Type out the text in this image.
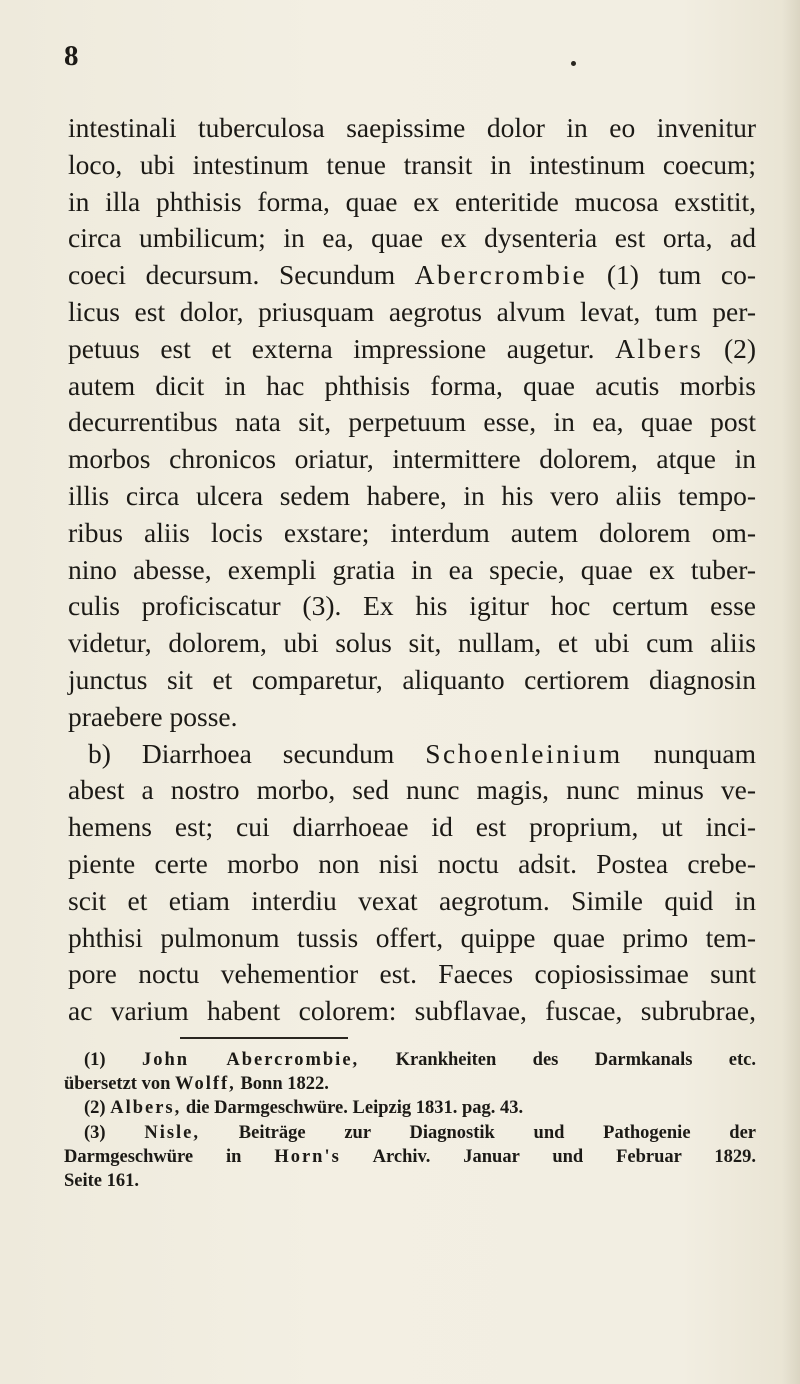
8
intestinali tuberculosa saepissime dolor in eo invenitur
loco, ubi intestinum tenue transit in intestinum coecum;
in illa phthisis forma, quae ex enteritide mucosa exstitit,
circa umbilicum; in ea, quae ex dysenteria est orta, ad
coeci decursum. Secundum Abercrombie (1) tum co-
licus est dolor, priusquam aegrotus alvum levat, tum per-
petuus est et externa impressione augetur. Albers (2)
autem dicit in hac phthisis forma, quae acutis morbis
decurrentibus nata sit, perpetuum esse, in ea, quae post
morbos chronicos oriatur, intermittere dolorem, atque in
illis circa ulcera sedem habere, in his vero aliis tempo-
ribus aliis locis exstare; interdum autem dolorem om-
nino abesse, exempli gratia in ea specie, quae ex tuber-
culis proficiscatur (3). Ex his igitur hoc certum esse
videtur, dolorem, ubi solus sit, nullam, et ubi cum aliis
junctus sit et comparetur, aliquanto certiorem diagnosin
praebere posse.
b) Diarrhoea secundum Schoenleinium nunquam
abest a nostro morbo, sed nunc magis, nunc minus ve-
hemens est; cui diarrhoeae id est proprium, ut inci-
piente certe morbo non nisi noctu adsit. Postea crebe-
scit et etiam interdiu vexat aegrotum. Simile quid in
phthisi pulmonum tussis offert, quippe quae primo tem-
pore noctu vehementior est. Faeces copiosissimae sunt
ac varium habent colorem: subflavae, fuscae, subrubrae,
(1) John Abercrombie, Krankheiten des Darmkanals etc.
übersetzt von Wolff, Bonn 1822.
(2) Albers, die Darmgeschwüre. Leipzig 1831. pag. 43.
(3) Nisle, Beiträge zur Diagnostik und Pathogenie der
Darmgeschwüre in Horn's Archiv. Januar und Februar 1829.
Seite 161.
